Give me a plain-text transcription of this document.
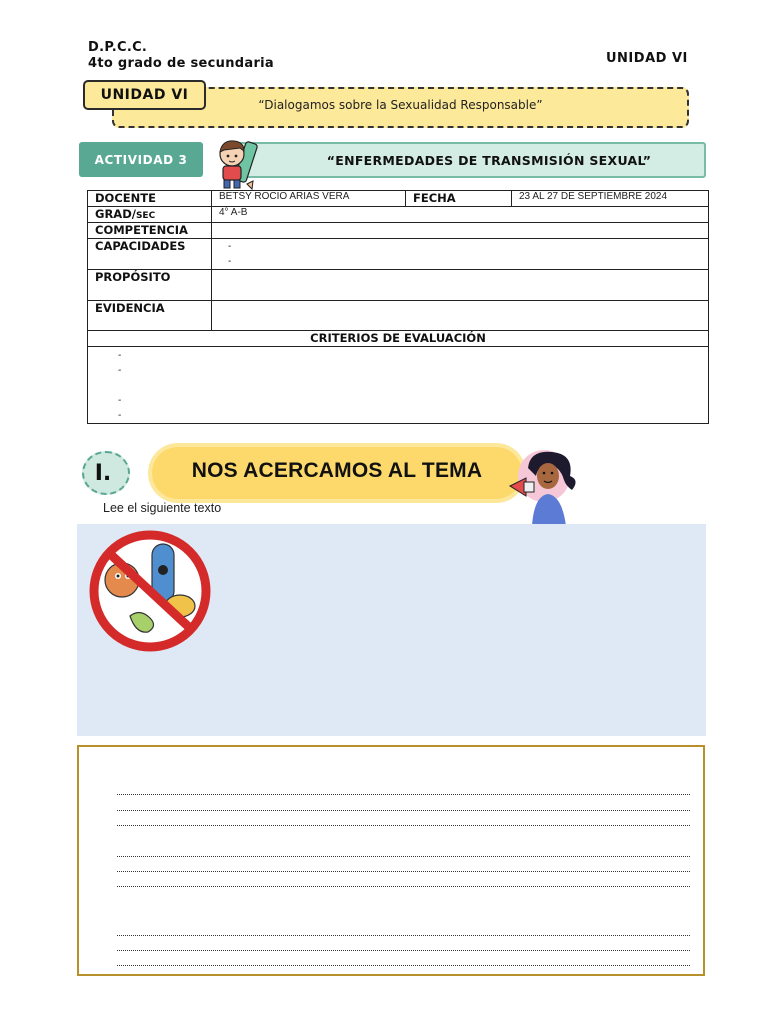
D.P.C.C.
4to grado de secundaria	UNIDAD VI
“Dialogamos sobre la Sexualidad Responsable”
UNIDAD VI
ACTIVIDAD 3	“ENFERMEDADES DE TRANSMISIÓN SEXUAL”
DOCENTE	BETSY ROCIO ARIAS VERA	FECHA	23 AL 27 DE SEPTIEMBRE 2024
GRAD/SEC	4° A-B		
COMPETENCIA			
CAPACIDADES	-
-		

PROPÓSITO			
EVIDENCIA			
CRITERIOS DE EVALUACIÓN			

-
-

-
-			
NOS ACERCAMOS AL TEMA
I.
Lee el siguiente texto
